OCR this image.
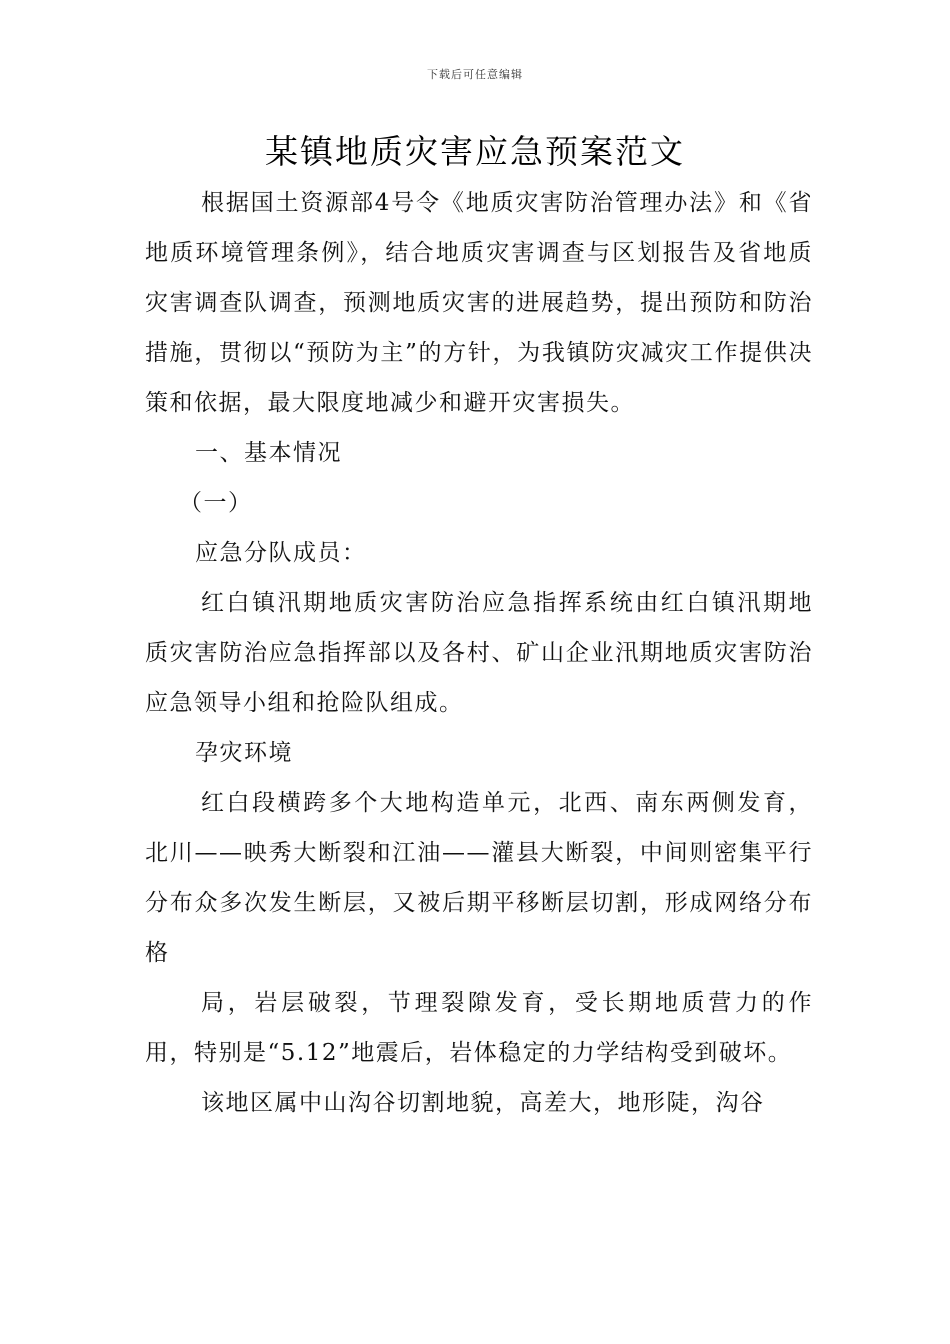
下载后可任意编辑
某镇地质灾害应急预案范文

根据国土资源部4号令《地质灾害防治管理办法》和《省地质环境管理条例》，结合地质灾害调查与区划报告及省地质灾害调查队调查，预测地质灾害的进展趋势，提出预防和防治措施，贯彻以“预防为主”的方针，为我镇防灾减灾工作提供决策和依据，最大限度地减少和避开灾害损失。

一、基本情况

（一）

应急分队成员：

红白镇汛期地质灾害防治应急指挥系统由红白镇汛期地质灾害防治应急指挥部以及各村、矿山企业汛期地质灾害防治应急领导小组和抢险队组成。

孕灾环境

红白段横跨多个大地构造单元，北西、南东两侧发育，北川——映秀大断裂和江油——灌县大断裂，中间则密集平行分布众多次发生断层，又被后期平移断层切割，形成网络分布格

局，岩层破裂，节理裂隙发育，受长期地质营力的作用，特别是“5.12”地震后，岩体稳定的力学结构受到破坏。

该地区属中山沟谷切割地貌，高差大，地形陡，沟谷
